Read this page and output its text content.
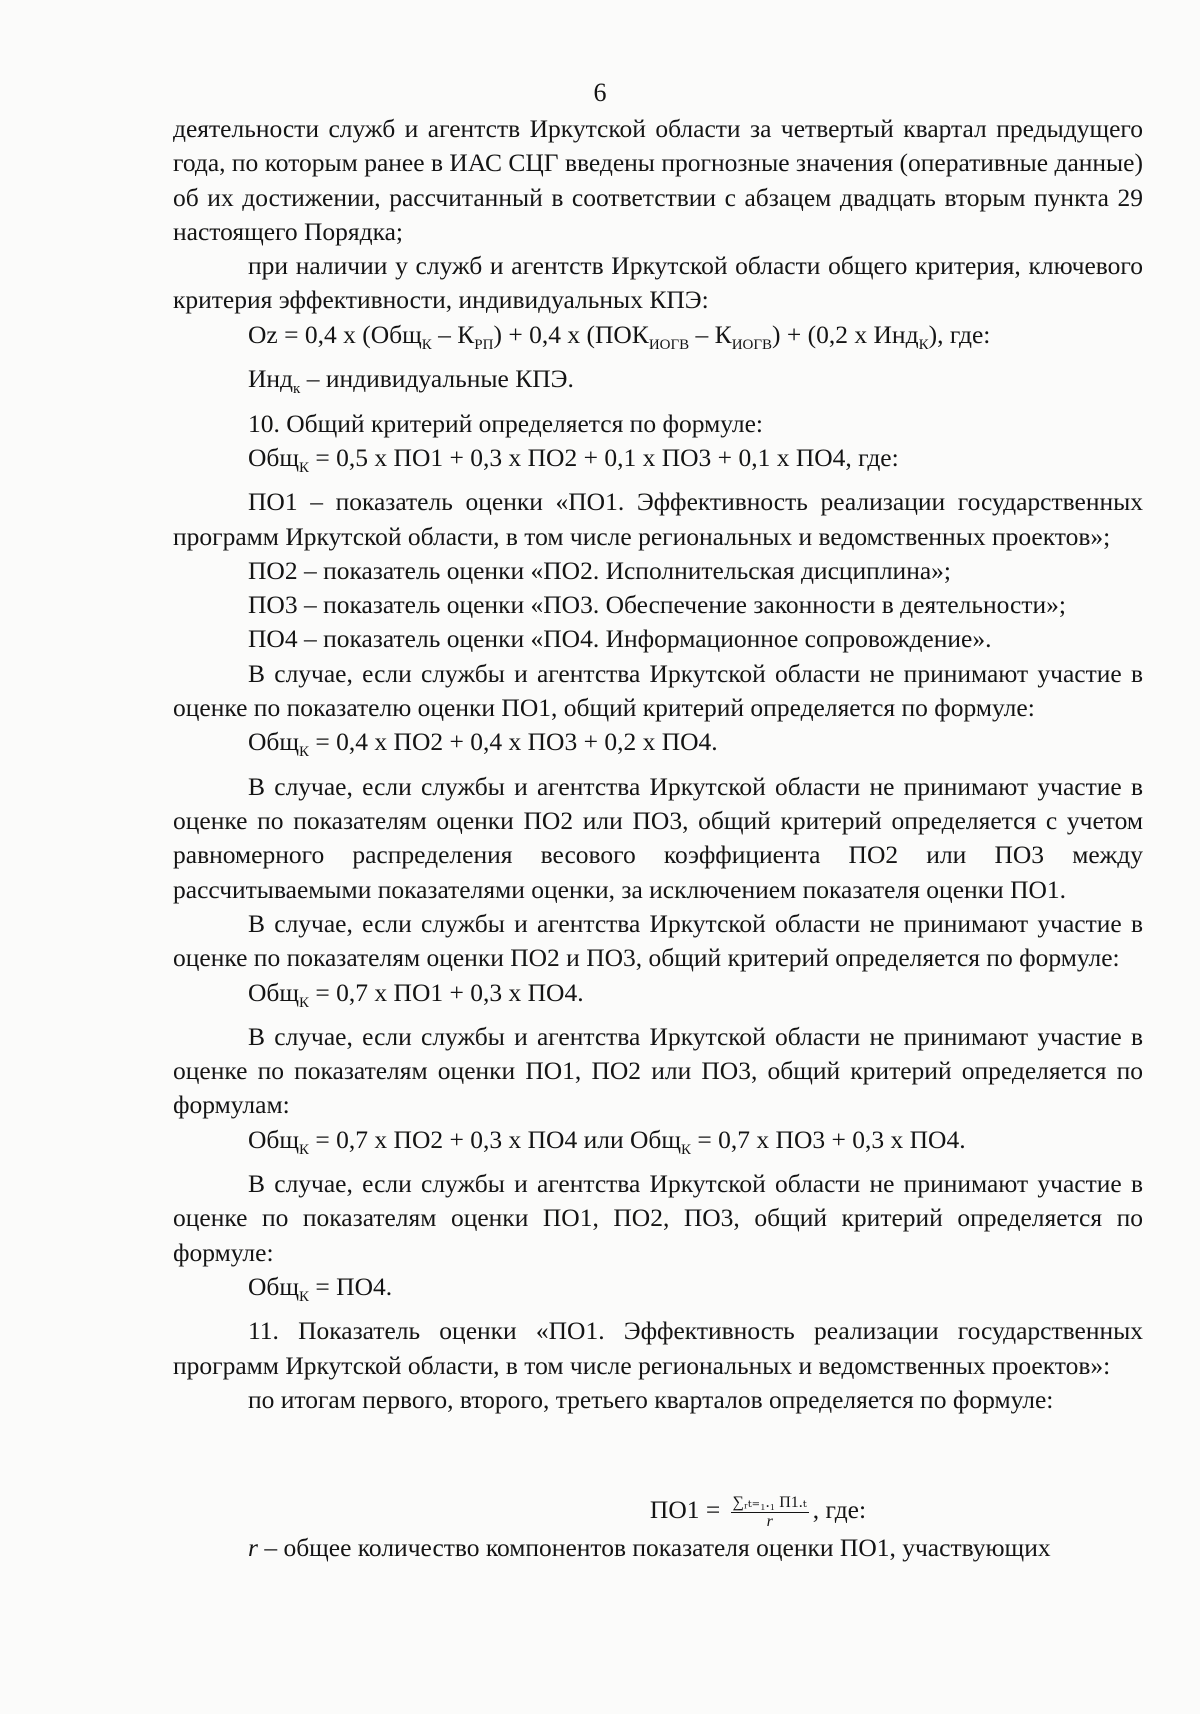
6

деятельности служб и агентств Иркутской области за четвертый квартал предыдущего года, по которым ранее в ИАС СЦГ введены прогнозные значения (оперативные данные) об их достижении, рассчитанный в соответствии с абзацем двадцать вторым пункта 29 настоящего Порядка;

при наличии у служб и агентств Иркутской области общего критерия, ключевого критерия эффективности, индивидуальных КПЭ:

Oz = 0,4 х $(Общ_К - К_{РП}) + 0,4$ х $(ПОК_{ИОГВ} - К_{ИОГВ}) + (0,2$ х Инд$_К$), где:

Инд$_к$ – индивидуальные КПЭ.

10. Общий критерий определяется по формуле:

Общ$_К$ = 0,5 х ПО1 + 0,3 х ПО2 + 0,1 х ПО3 + 0,1 х ПО4, где:

ПО1 – показатель оценки «ПО1. Эффективность реализации государственных программ Иркутской области, в том числе региональных и ведомственных проектов»;

ПО2 – показатель оценки «ПО2. Исполнительская дисциплина»;

ПО3 – показатель оценки «ПО3. Обеспечение законности в деятельности»;

ПО4 – показатель оценки «ПО4. Информационное сопровождение».

В случае, если службы и агентства Иркутской области не принимают участие в оценке по показателю оценки ПО1, общий критерий определяется по формуле:

Общ$_К$ = 0,4 х ПО2 + 0,4 х ПО3 + 0,2 х ПО4.

В случае, если службы и агентства Иркутской области не принимают участие в оценке по показателям оценки ПО2 или ПО3, общий критерий определяется с учетом равномерного распределения весового коэффициента ПО2 или ПО3 между рассчитываемыми показателями оценки, за исключением показателя оценки ПО1.

В случае, если службы и агентства Иркутской области не принимают участие в оценке по показателям оценки ПО2 и ПО3, общий критерий определяется по формуле:

Общ$_К$ = 0,7 х ПО1 + 0,3 х ПО4.

В случае, если службы и агентства Иркутской области не принимают участие в оценке по показателям оценки ПО1, ПО2 или ПО3, общий критерий определяется по формулам:

Общ$_К$ = 0,7 х ПО2 + 0,3 х ПО4 или Общ$_К$ = 0,7 х ПО3 + 0,3 х ПО4.

В случае, если службы и агентства Иркутской области не принимают участие в оценке по показателям оценки ПО1, ПО2, ПО3, общий критерий определяется по формуле:

Общ$_К$ = ПО4.

11. Показатель оценки «ПО1. Эффективность реализации государственных программ Иркутской области, в том числе региональных и ведомственных проектов»:

по итогам первого, второго, третьего кварталов определяется по формуле:

$ПО1 = \frac{\text{∑ᵣₜ₌₁.₁ П1.ₜ}}{r}$ , где:

r – общее количество компонентов показателя оценки ПО1, участвующих
